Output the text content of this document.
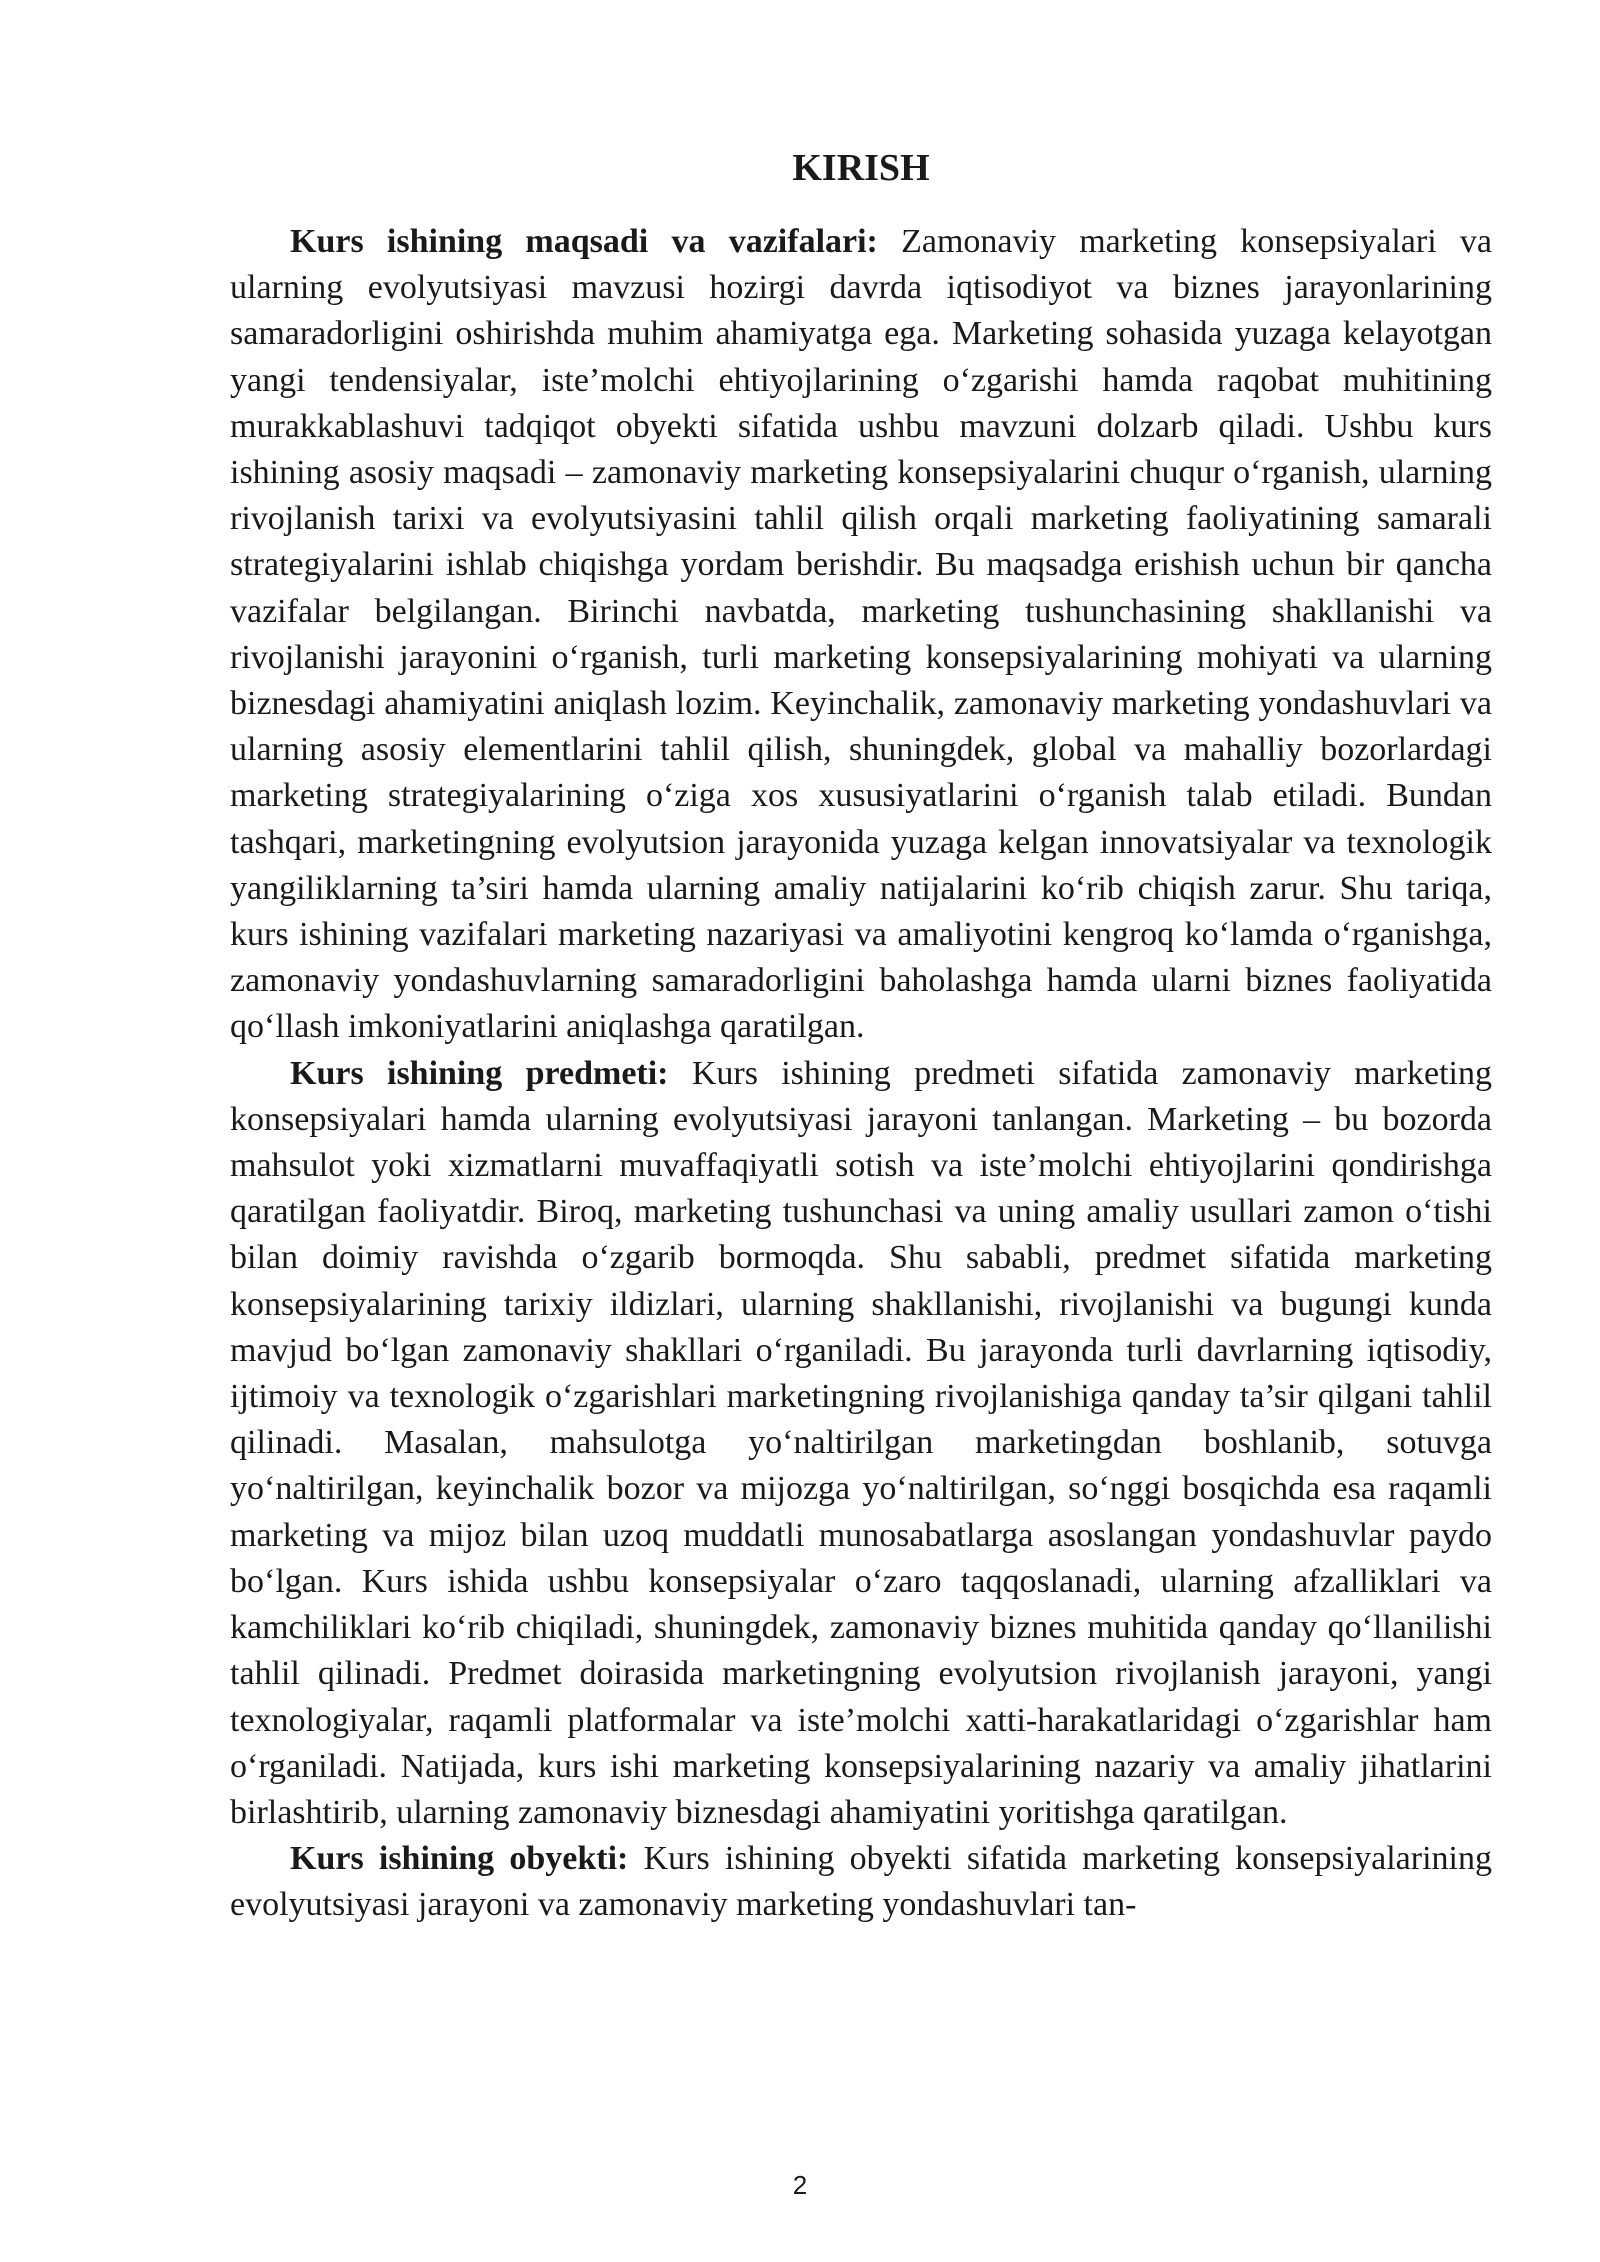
KIRISH

Kurs ishining maqsadi va vazifalari: Zamonaviy marketing konsepsiyalari va ularning evolyutsiyasi mavzusi hozirgi davrda iqtisodiyot va biznes jarayonlarining samaradorligini oshirishda muhim ahamiyatga ega. Marketing sohasida yuzaga kelayotgan yangi tendensiyalar, iste’molchi ehtiyojlarining o‘zgarishi hamda raqobat muhitining murakkablashuvi tadqiqot obyekti sifatida ushbu mavzuni dolzarb qiladi. Ushbu kurs ishining asosiy maqsadi – zamonaviy marketing konsepsiyalarini chuqur o‘rganish, ularning rivojlanish tarixi va evolyutsiyasini tahlil qilish orqali marketing faoliyatining samarali strategiyalarini ishlab chiqishga yordam berishdir. Bu maqsadga erishish uchun bir qancha vazifalar belgilangan. Birinchi navbatda, marketing tushunchasining shakllanishi va rivojlanishi jarayonini o‘rganish, turli marketing konsepsiyalarining mohiyati va ularning biznesdagi ahamiyatini aniqlash lozim. Keyinchalik, zamonaviy marketing yondashuvlari va ularning asosiy elementlarini tahlil qilish, shuningdek, global va mahalliy bozorlardagi marketing strategiyalarining o‘ziga xos xususiyatlarini o‘rganish talab etiladi. Bundan tashqari, marketingning evolyutsion jarayonida yuzaga kelgan innovatsiyalar va texnologik yangiliklarning ta’siri hamda ularning amaliy natijalarini ko‘rib chiqish zarur. Shu tariqa, kurs ishining vazifalari marketing nazariyasi va amaliyotini kengroq ko‘lamda o‘rganishga, zamonaviy yondashuvlarning samaradorligini baholashga hamda ularni biznes faoliyatida qo‘llash imkoniyatlarini aniqlashga qaratilgan.

Kurs ishining predmeti: Kurs ishining predmeti sifatida zamonaviy marketing konsepsiyalari hamda ularning evolyutsiyasi jarayoni tanlangan. Marketing – bu bozorda mahsulot yoki xizmatlarni muvaffaqiyatli sotish va iste’molchi ehtiyojlarini qondirishga qaratilgan faoliyatdir. Biroq, marketing tushunchasi va uning amaliy usullari zamon o‘tishi bilan doimiy ravishda o‘zgarib bormoqda. Shu sababli, predmet sifatida marketing konsepsiyalarining tarixiy ildizlari, ularning shakllanishi, rivojlanishi va bugungi kunda mavjud bo‘lgan zamonaviy shakllari o‘rganiladi. Bu jarayonda turli davrlarning iqtisodiy, ijtimoiy va texnologik o‘zgarishlari marketingning rivojlanishiga qanday ta’sir qilgani tahlil qilinadi. Masalan, mahsulotga yo‘naltirilgan marketingdan boshlanib, sotuvga yo‘naltirilgan, keyinchalik bozor va mijozga yo‘naltirilgan, so‘nggi bosqichda esa raqamli marketing va mijoz bilan uzoq muddatli munosabatlarga asoslangan yondashuvlar paydo bo‘lgan. Kurs ishida ushbu konsepsiyalar o‘zaro taqqoslanadi, ularning afzalliklari va kamchiliklari ko‘rib chiqiladi, shuningdek, zamonaviy biznes muhitida qanday qo‘llanilishi tahlil qilinadi. Predmet doirasida marketingning evolyutsion rivojlanish jarayoni, yangi texnologiyalar, raqamli platformalar va iste’molchi xatti-harakatlaridagi o‘zgarishlar ham o‘rganiladi. Natijada, kurs ishi marketing konsepsiyalarining nazariy va amaliy jihatlarini birlashtirib, ularning zamonaviy biznesdagi ahamiyatini yoritishga qaratilgan.

Kurs ishining obyekti: Kurs ishining obyekti sifatida marketing konsepsiyalarining evolyutsiyasi jarayoni va zamonaviy marketing yondashuvlari tan-

2
